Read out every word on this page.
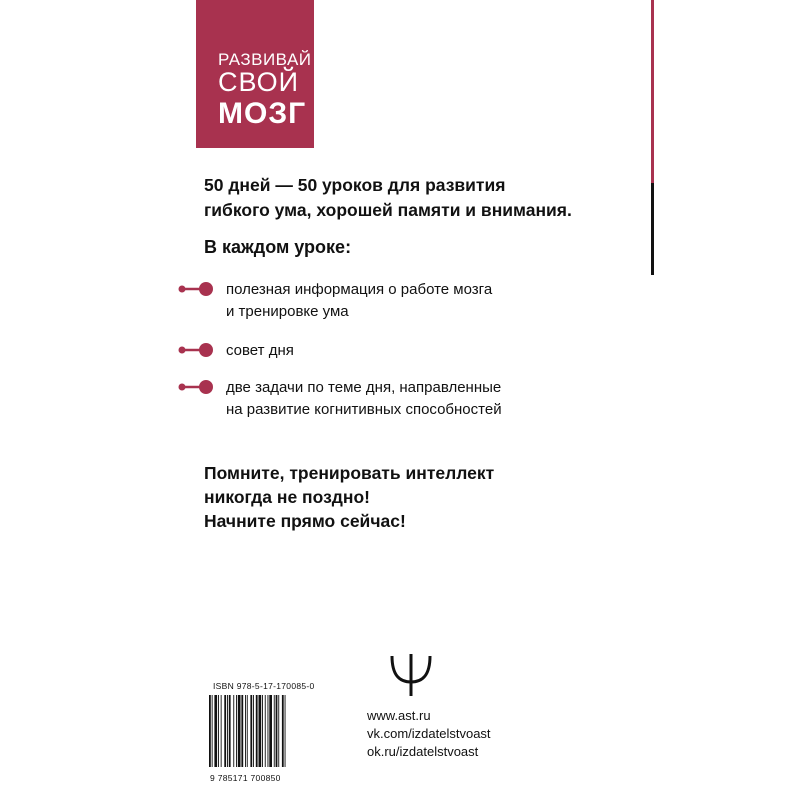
РАЗВИВАЙ
СВОЙ
МОЗГ
50 дней — 50 уроков для развития
гибкого ума, хорошей памяти и внимания.
В каждом уроке:
полезная информация о работе мозга
и тренировке ума
совет дня
две задачи по теме дня, направленные
на развитие когнитивных способностей
Помните, тренировать интеллект
никогда не поздно!
Начните прямо сейчас!
ISBN 978-5-17-170085-0
9 785171 700850
www.ast.ru
vk.com/izdatelstvoast
ok.ru/izdatelstvoast
